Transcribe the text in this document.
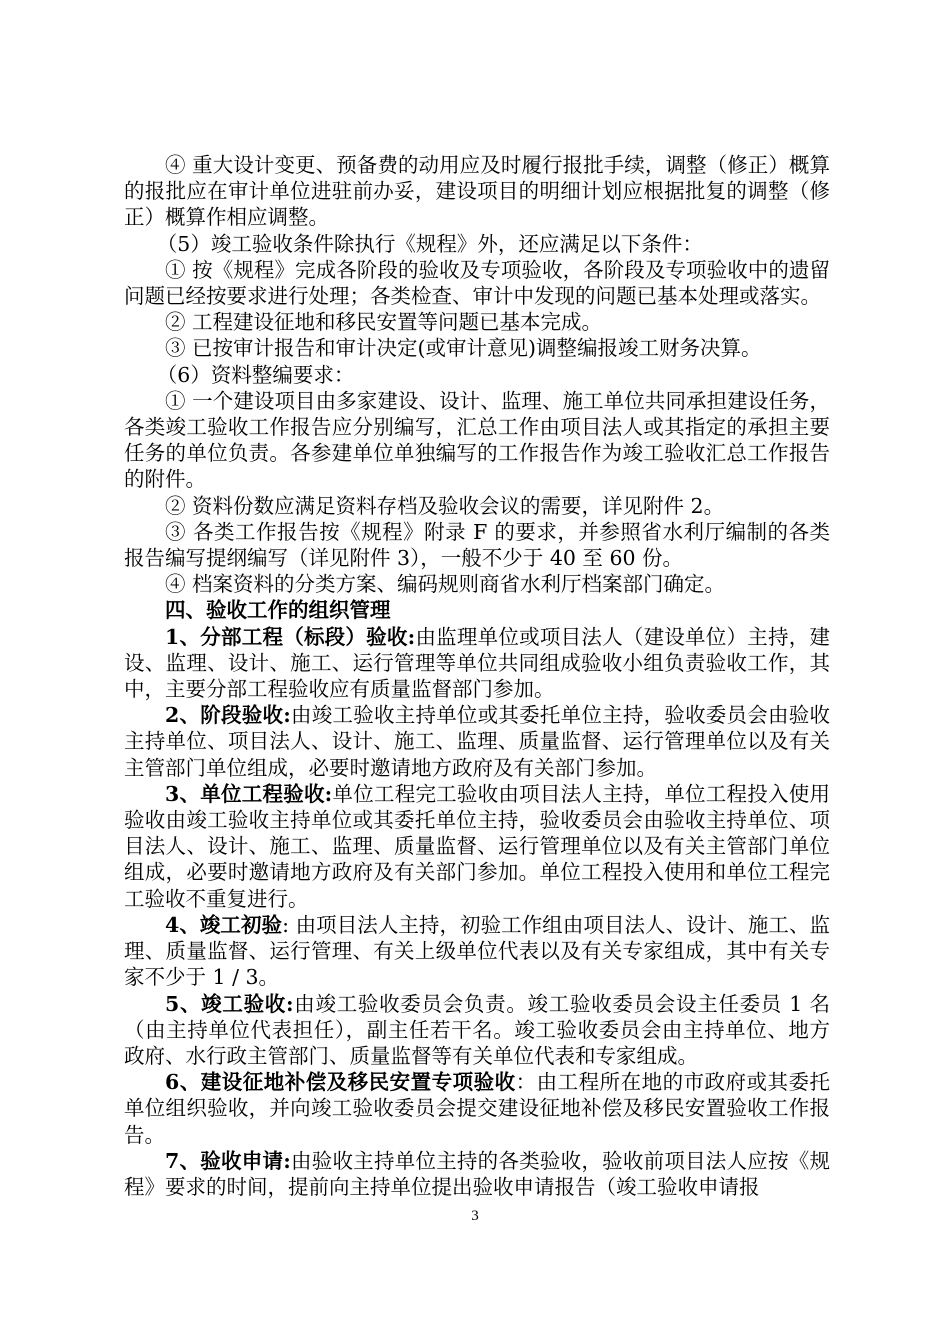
④ 重大设计变更、预备费的动用应及时履行报批手续，调整（修正）概算的报批应在审计单位进驻前办妥，建设项目的明细计划应根据批复的调整（修正）概算作相应调整。

（5）竣工验收条件除执行《规程》外，还应满足以下条件：

① 按《规程》完成各阶段的验收及专项验收，各阶段及专项验收中的遗留问题已经按要求进行处理；各类检查、审计中发现的问题已基本处理或落实。

② 工程建设征地和移民安置等问题已基本完成。

③ 已按审计报告和审计决定(或审计意见)调整编报竣工财务决算。

（6）资料整编要求：

① 一个建设项目由多家建设、设计、监理、施工单位共同承担建设任务，各类竣工验收工作报告应分别编写，汇总工作由项目法人或其指定的承担主要任务的单位负责。各参建单位单独编写的工作报告作为竣工验收汇总工作报告的附件。

② 资料份数应满足资料存档及验收会议的需要，详见附件 2。

③ 各类工作报告按《规程》附录 F 的要求，并参照省水利厅编制的各类报告编写提纲编写（详见附件 3），一般不少于 40 至 60 份。

④ 档案资料的分类方案、编码规则商省水利厅档案部门确定。

四、验收工作的组织管理

1、分部工程（标段）验收:由监理单位或项目法人（建设单位）主持，建设、监理、设计、施工、运行管理等单位共同组成验收小组负责验收工作，其中，主要分部工程验收应有质量监督部门参加。

2、阶段验收:由竣工验收主持单位或其委托单位主持，验收委员会由验收主持单位、项目法人、设计、施工、监理、质量监督、运行管理单位以及有关主管部门单位组成，必要时邀请地方政府及有关部门参加。

3、单位工程验收:单位工程完工验收由项目法人主持，单位工程投入使用验收由竣工验收主持单位或其委托单位主持，验收委员会由验收主持单位、项目法人、设计、施工、监理、质量监督、运行管理单位以及有关主管部门单位组成，必要时邀请地方政府及有关部门参加。单位工程投入使用和单位工程完工验收不重复进行。

4、竣工初验: 由项目法人主持，初验工作组由项目法人、设计、施工、监理、质量监督、运行管理、有关上级单位代表以及有关专家组成，其中有关专家不少于 1 / 3。

5、竣工验收:由竣工验收委员会负责。竣工验收委员会设主任委员 1 名（由主持单位代表担任），副主任若干名。竣工验收委员会由主持单位、地方政府、水行政主管部门、质量监督等有关单位代表和专家组成。

6、建设征地补偿及移民安置专项验收：由工程所在地的市政府或其委托单位组织验收，并向竣工验收委员会提交建设征地补偿及移民安置验收工作报告。

7、验收申请:由验收主持单位主持的各类验收，验收前项目法人应按《规程》要求的时间，提前向主持单位提出验收申请报告（竣工验收申请报

3
